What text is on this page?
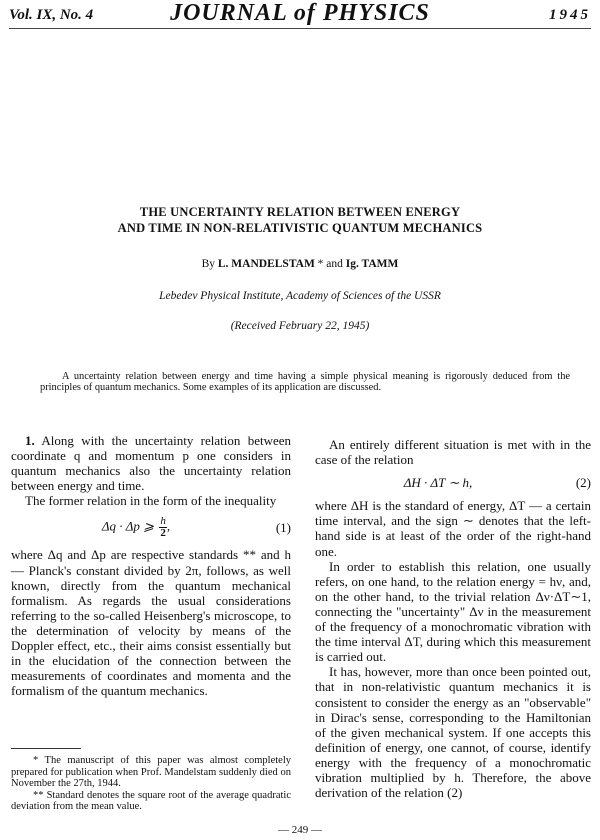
Vol. IX, No. 4	JOURNAL of PHYSICS	1945
THE UNCERTAINTY RELATION BETWEEN ENERGY
AND TIME IN NON-RELATIVISTIC QUANTUM MECHANICS
By L. MANDELSTAM * and Ig. TAMM
Lebedev Physical Institute, Academy of Sciences of the USSR
(Received February 22, 1945)
A uncertainty relation between energy and time having a simple physical meaning is rigorously deduced from the principles of quantum mechanics. Some examples of its application are discussed.

1. Along with the uncertainty relation between coordinate q and momentum p one considers in quantum mechanics also the uncertainty relation between energy and time.

The former relation in the form of the inequality

Δq · Δp ⩾ $\frac{h}{2}$ ,	(1)

where Δq and Δp are respective standards ** and h — Planck's constant divided by 2π, follows, as well known, directly from the quantum mechanical formalism. As regards the usual considerations referring to the so-called Heisenberg's microscope, to the determination of velocity by means of the Doppler effect, etc., their aims consist essentially but in the elucidation of the connection between the measurements of coordinates and momenta and the formalism of the quantum mechanics.

* The manuscript of this paper was almost completely prepared for publication when Prof. Mandelstam suddenly died on November the 27th, 1944.

** Standard denotes the square root of the average quadratic deviation from the mean value.

An entirely different situation is met with in the case of the relation

ΔH · ΔT ∼ h,	(2)

where ΔH is the standard of energy, ΔT — a certain time interval, and the sign ∼ denotes that the left-hand side is at least of the order of the right-hand one.

In order to establish this relation, one usually refers, on one hand, to the relation energy = hν, and, on the other hand, to the trivial relation Δν·ΔT∼1, connecting the "uncertainty" Δν in the measurement of the frequency of a monochromatic vibration with the time interval ΔT, during which this measurement is carried out.

It has, however, more than once been pointed out, that in non-relativistic quantum mechanics it is consistent to consider the energy as an "observable" in Dirac's sense, corresponding to the Hamiltonian of the given mechanical system. If one accepts this definition of energy, one cannot, of course, identify energy with the frequency of a monochromatic vibration multiplied by h. Therefore, the above derivation of the relation (2)

— 249 —
